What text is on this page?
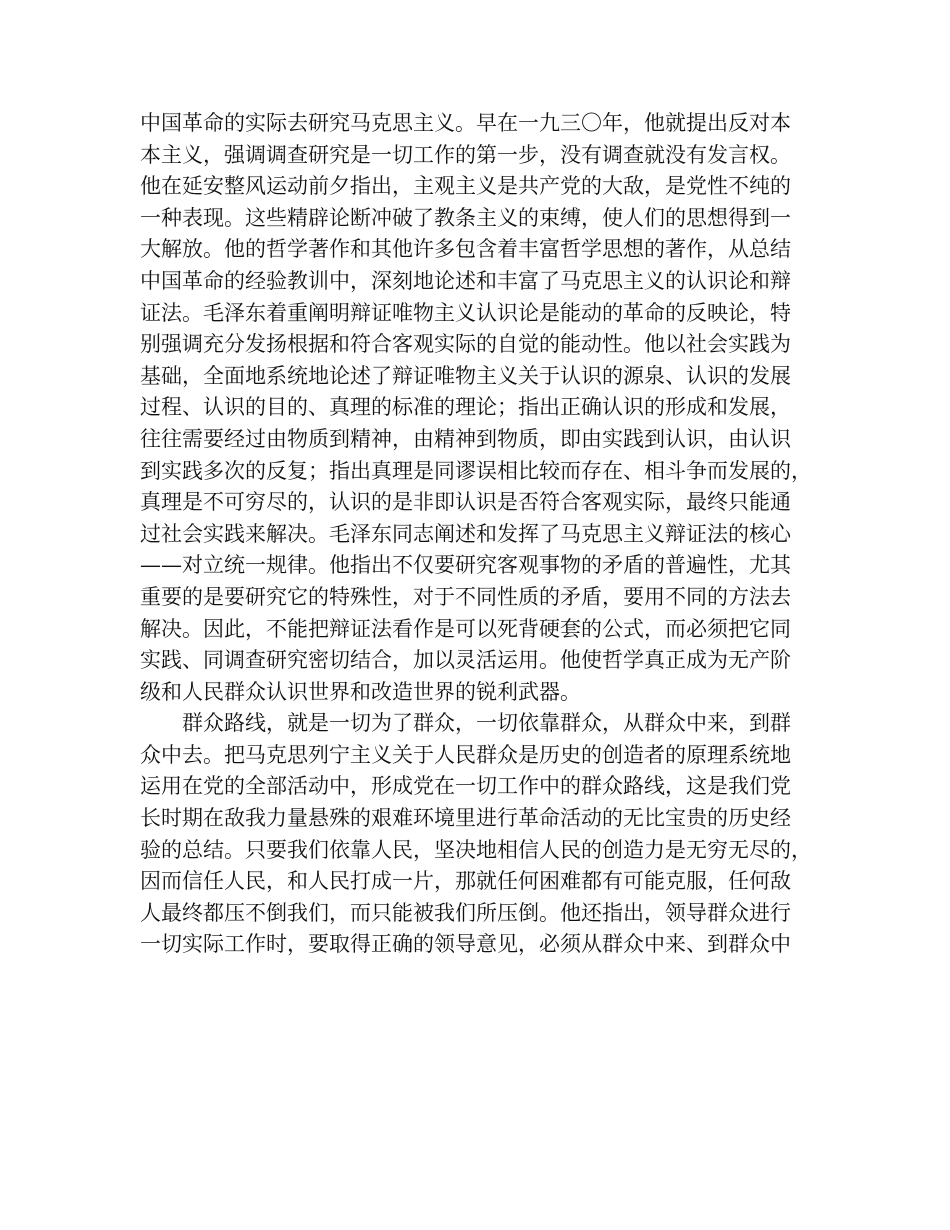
中国革命的实际去研究马克思主义。早在一九三〇年，他就提出反对本
本主义，强调调查研究是一切工作的第一步，没有调查就没有发言权。
他在延安整风运动前夕指出，主观主义是共产党的大敌，是党性不纯的
一种表现。这些精辟论断冲破了教条主义的束缚，使人们的思想得到一
大解放。他的哲学著作和其他许多包含着丰富哲学思想的著作，从总结
中国革命的经验教训中，深刻地论述和丰富了马克思主义的认识论和辩
证法。毛泽东着重阐明辩证唯物主义认识论是能动的革命的反映论，特
别强调充分发扬根据和符合客观实际的自觉的能动性。他以社会实践为
基础，全面地系统地论述了辩证唯物主义关于认识的源泉、认识的发展
过程、认识的目的、真理的标准的理论；指出正确认识的形成和发展，
往往需要经过由物质到精神，由精神到物质，即由实践到认识，由认识
到实践多次的反复；指出真理是同谬误相比较而存在、相斗争而发展的，
真理是不可穷尽的，认识的是非即认识是否符合客观实际，最终只能通
过社会实践来解决。毛泽东同志阐述和发挥了马克思主义辩证法的核心
——对立统一规律。他指出不仅要研究客观事物的矛盾的普遍性，尤其
重要的是要研究它的特殊性，对于不同性质的矛盾，要用不同的方法去
解决。因此，不能把辩证法看作是可以死背硬套的公式，而必须把它同
实践、同调查研究密切结合，加以灵活运用。他使哲学真正成为无产阶
级和人民群众认识世界和改造世界的锐利武器。
群众路线，就是一切为了群众，一切依靠群众，从群众中来，到群
众中去。把马克思列宁主义关于人民群众是历史的创造者的原理系统地
运用在党的全部活动中，形成党在一切工作中的群众路线，这是我们党
长时期在敌我力量悬殊的艰难环境里进行革命活动的无比宝贵的历史经
验的总结。只要我们依靠人民，坚决地相信人民的创造力是无穷无尽的，
因而信任人民，和人民打成一片，那就任何困难都有可能克服，任何敌
人最终都压不倒我们，而只能被我们所压倒。他还指出，领导群众进行
一切实际工作时，要取得正确的领导意见，必须从群众中来、到群众中
